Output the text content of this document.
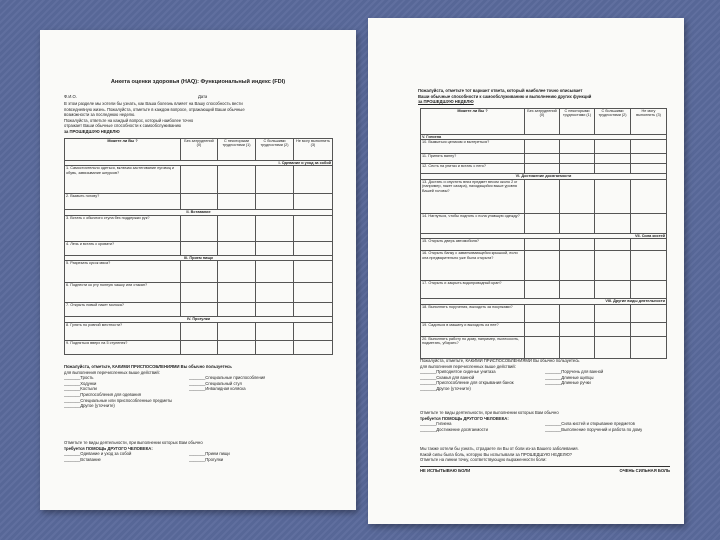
Анкета оценки здоровья (HAQ): Функциональный индекс (FDI)
Ф.И.О.	Дата
В этом разделе мы хотели бы узнать, как Ваша болезнь влияет на Вашу способность вести
повседневную жизнь. Пожалуйста, отметьте в каждом вопросе, отражающий Ваши обычные
возможности за последнюю неделю.
Пожалуйста, ответьте на каждый вопрос, который наиболее точно
отражает Ваши обычные способности к самообслуживанию
за ПРОШЕДШУЮ НЕДЕЛЮ
Можете ли Вы ?	Без затруднений (0)	С некоторыми трудностями (1)	С большими трудностями (2)	Не могу выполнить (3)
I. Одевание и уход за собой				
1. Самостоятельно одеться, включая застегивание пуговиц и обувь, завязывание шнурков?				
2. Вымыть голову?				
II. Вставание				
3. Встать с обычного стула без поддержки рук?				
4. Лечь и встать с кровати?				
III. Прием пищи				
5. Разрезать кусок мяса?				
6. Поднести ко рту полную чашку или стакан?				
7. Открыть новый пакет молока?				
IV. Прогулки				
8. Гулять по ровной местности?				
9. Подняться вверх на 5 ступенек?				
Пожалуйста, отметьте, КАКИМИ ПРИСПОСОБЛЕНИЯМИ Вы обычно пользуетесь
для выполнения перечисленных выше действий:
_______Трость	_______Специальные приспособления
_______Ходунки	_______Специальный стул
_______Костыли	_______Инвалидная коляска
_______Приспособления для одевания
_______Специальные или приспособленные предметы
_______Другое (уточните)
Отметьте те виды деятельности, при выполнении которых Вам обычно
требуется ПОМОЩЬ ДРУГОГО ЧЕЛОВЕКА:
_______Одевание и уход за собой	_______Прием пищи
_______Вставание	_______Прогулки
Пожалуйста, отметьте тот вариант ответа, который наиболее точно описывает
Ваши обычные способности к самообслуживанию и выполнению других функций
за ПРОШЕДШУЮ НЕДЕЛЮ
Можете ли Вы ?	Без затруднений (0)	С некоторыми трудностями (1)	С большими трудностями (2)	Не могу выполнить (3)
V. Гигиена				
10. Вымыться целиком и вытереться?				
11. Принять ванну?				
12. Сесть на унитаз и встать с него?				
VI. Достижение досягаемости				
13. Достать и опустить вниз предмет весом около 2 кг (например, пакет сахара), находящийся выше уровня Вашей головы?				
14. Нагнуться, чтобы поднять с пола упавшую одежду?				
VII. Сила кистей				
15. Открыть дверь автомобиля?				
16. Открыть банку с завинчивающейся крышкой, если она предварительно уже была открыта?				
17. Открыть и закрыть водопроводный кран?				
VIII. Другие виды деятельности				
18. Выполнять поручения, выходить за покупками?				
19. Садиться в машину и выходить из нее?				
20. Выполнять работу по дому, например, пылесосить, подметать, убирать?				
Пожалуйста, отметьте, КАКИМИ ПРИСПОСОБЛЕНИЯМИ Вы обычно пользуетесь
для выполнения перечисленных выше действий:
_______Приподнятое сиденье унитаза	_______Поручень для ванной
_______Скамья для ванной	_______Длинные щипцы
_______Приспособление для открывания банок	_______Длинные ручки
_______Другое (уточните)
Отметьте те виды деятельности, при выполнении которых Вам обычно
требуется ПОМОЩЬ ДРУГОГО ЧЕЛОВЕКА:
_______Гигиена	_______Сила кистей и открывание предметов
_______Достижение досягаемости	_______Выполнение поручений и работа по дому
Мы также хотели бы узнать, страдаете ли Вы от боли из-за Вашего заболевания.
Какой силы была боль, которую Вы испытывали за ПРОШЕДШУЮ НЕДЕЛЮ?
Отметьте на линии точку, соответствующую выраженности боли:
НЕ ИСПЫТЫВАЮ БОЛИ	ОЧЕНЬ СИЛЬНАЯ БОЛЬ
